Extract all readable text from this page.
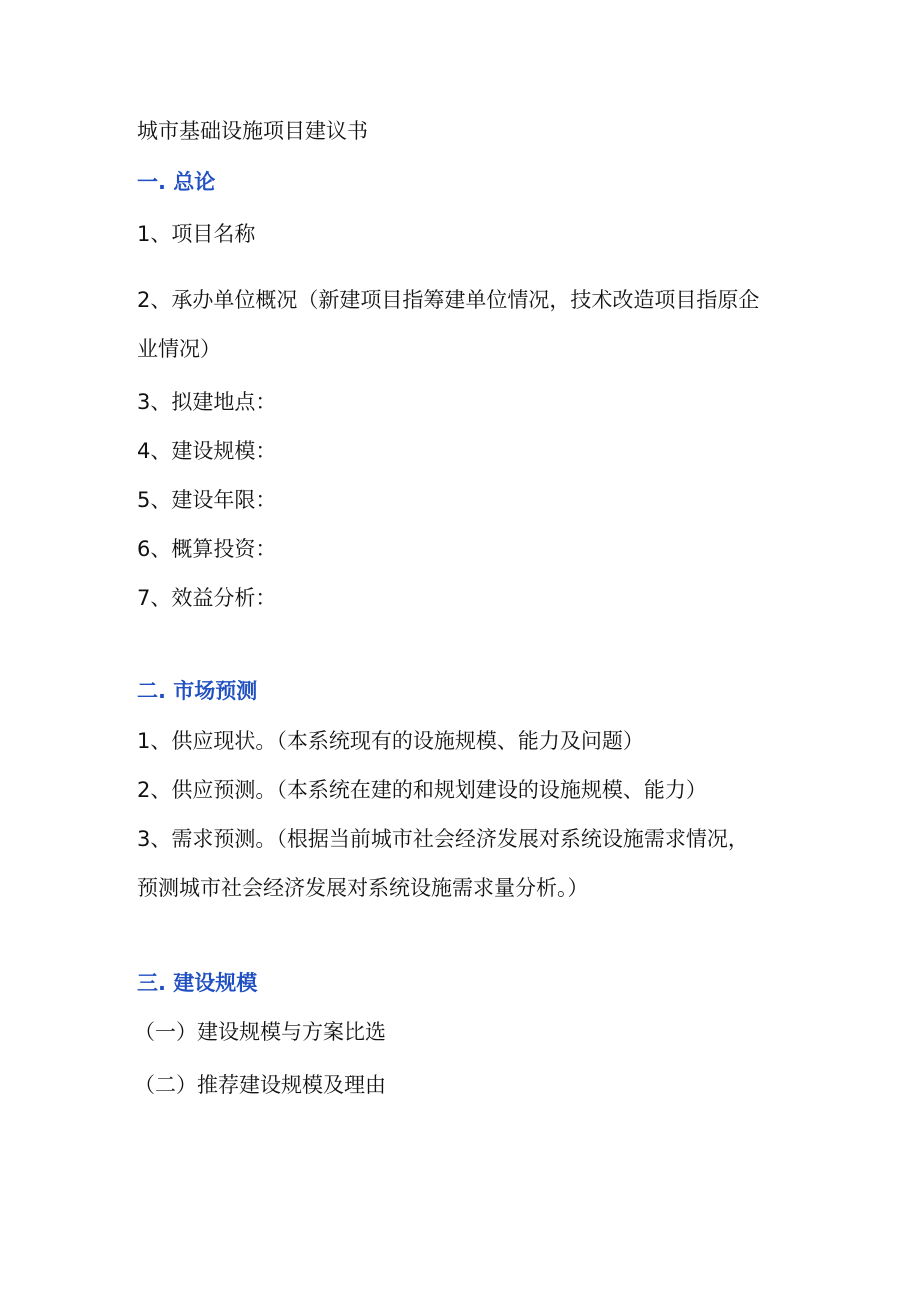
城市基础设施项目建议书
一. 总论
1、项目名称
2、承办单位概况（新建项目指筹建单位情况，技术改造项目指原企
业情况）
3、拟建地点：
4、建设规模：
5、建设年限：
6、概算投资：
7、效益分析：
二. 市场预测
1、供应现状。（本系统现有的设施规模、能力及问题）
2、供应预测。（本系统在建的和规划建设的设施规模、能力）
3、需求预测。（根据当前城市社会经济发展对系统设施需求情况，
预测城市社会经济发展对系统设施需求量分析。）
三. 建设规模
（一）建设规模与方案比选
（二）推荐建设规模及理由
